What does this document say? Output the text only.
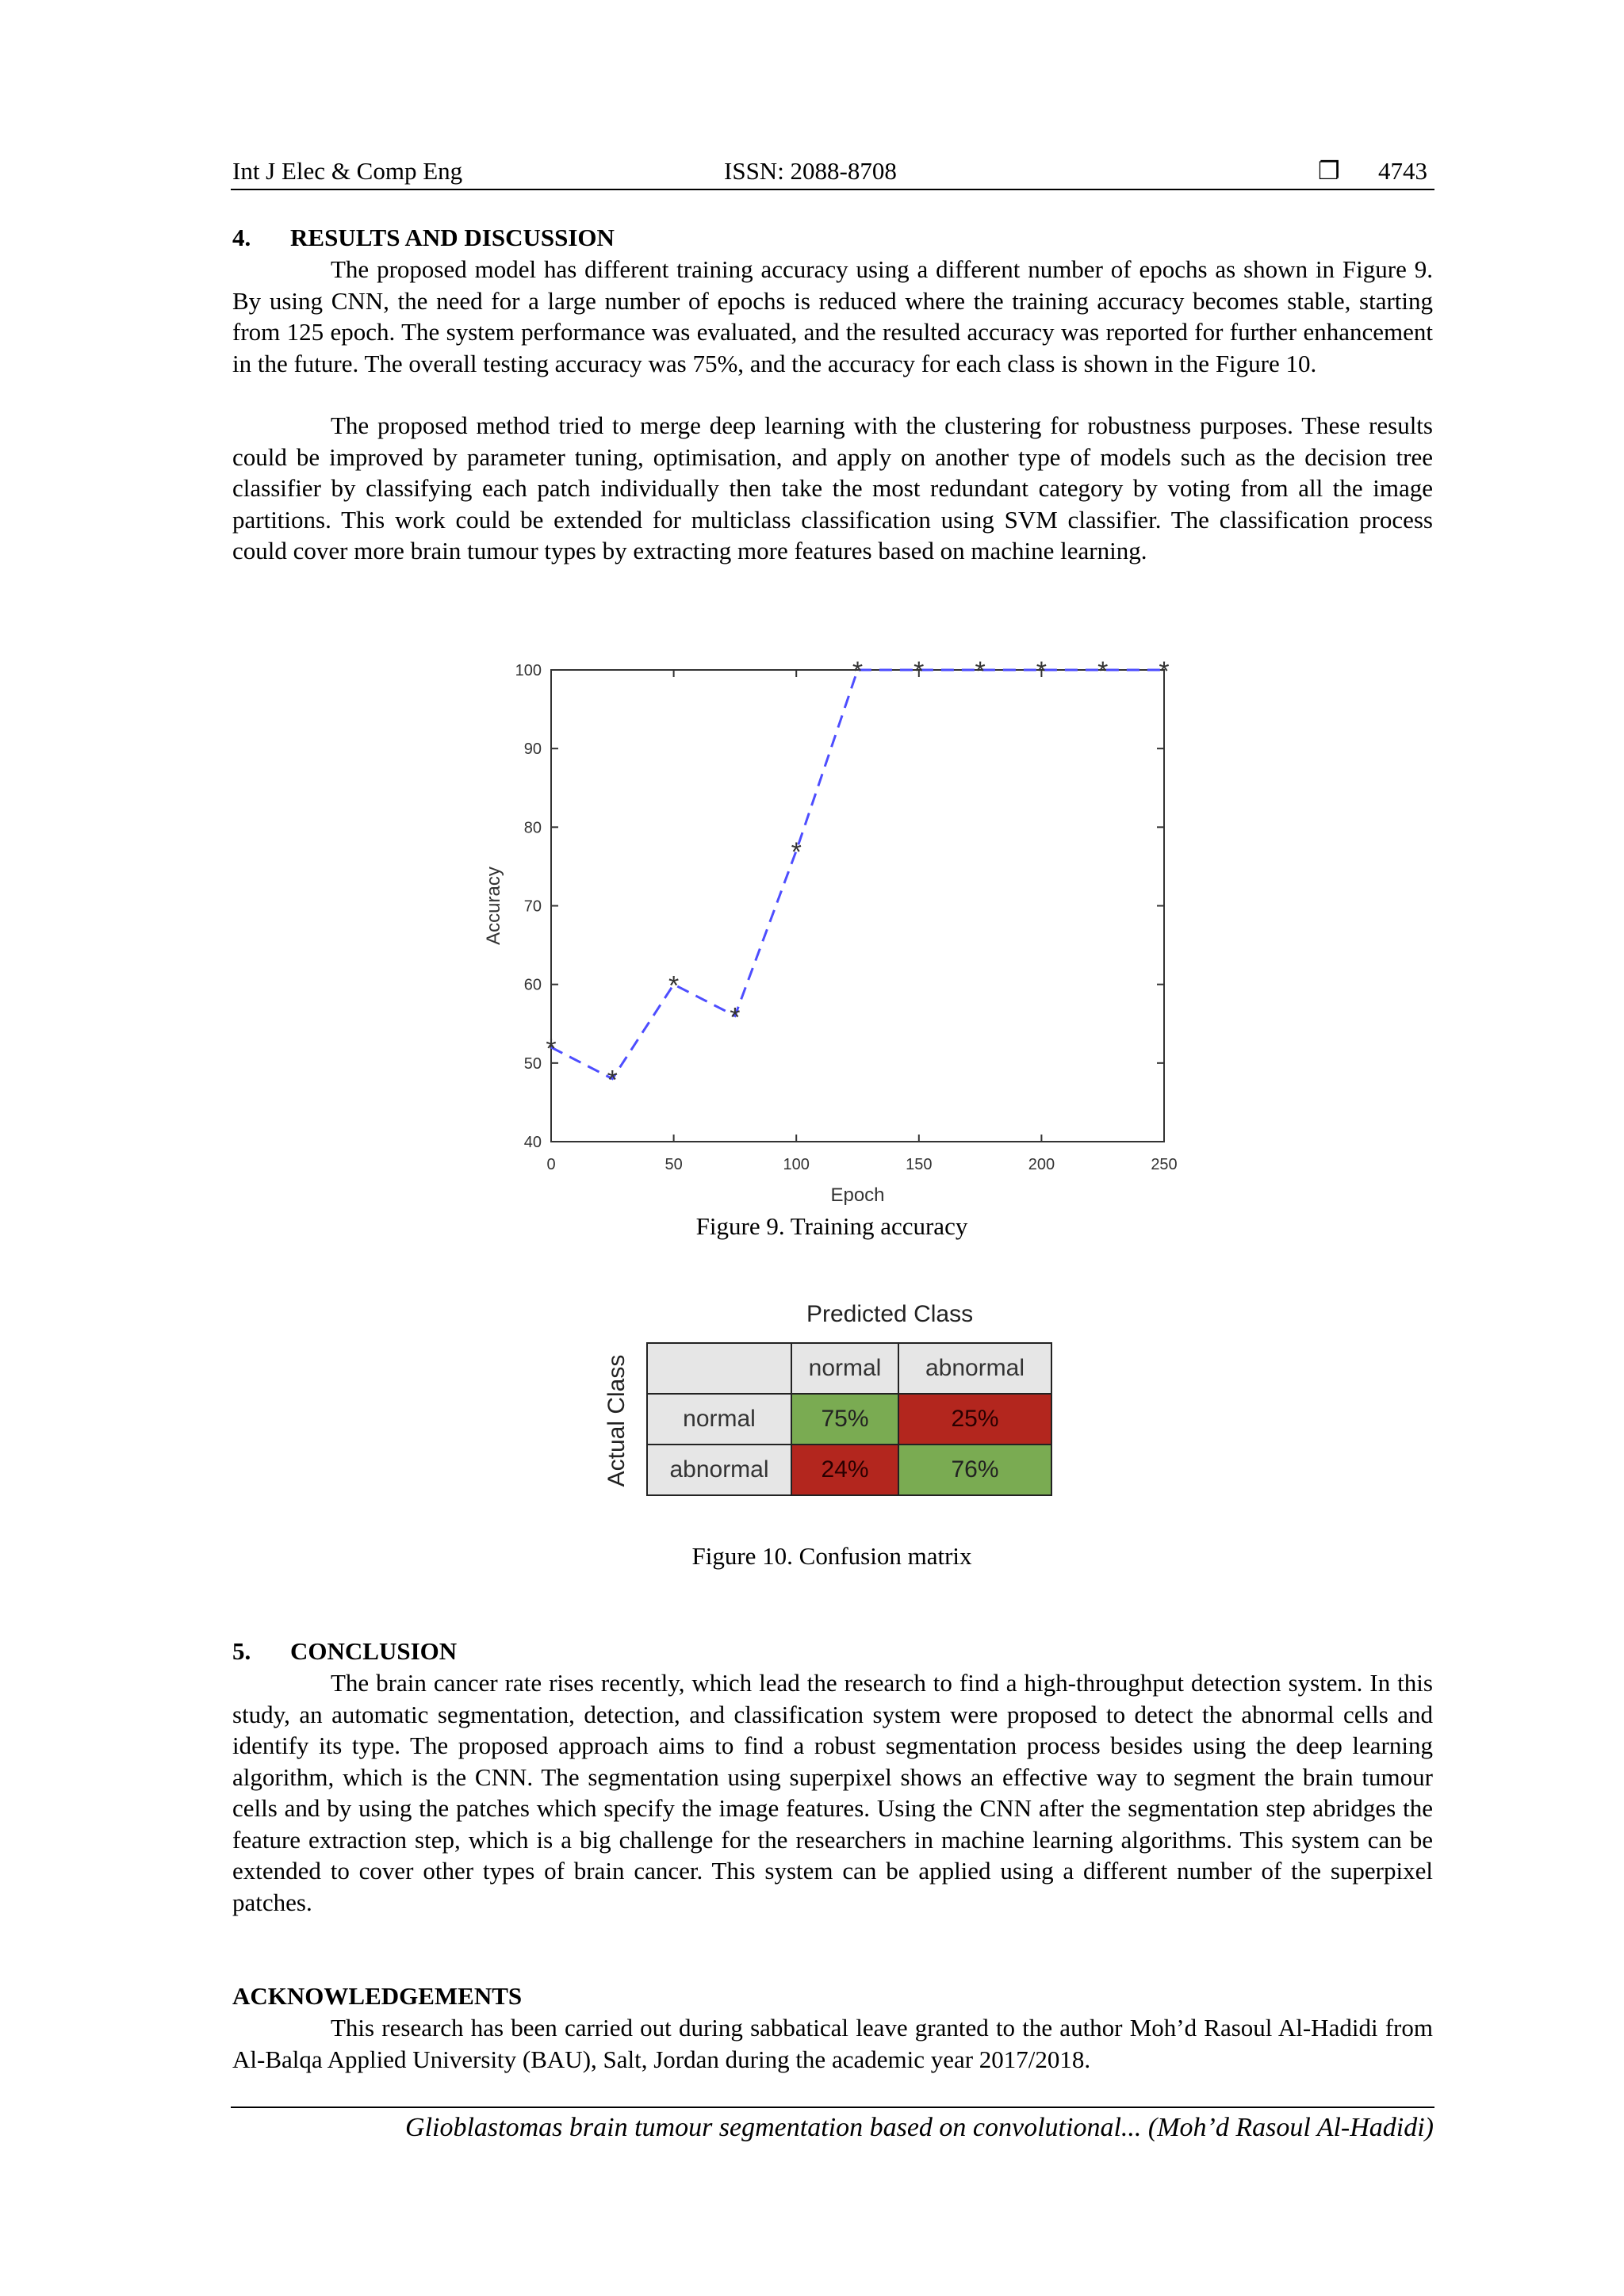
Int J Elec & Comp Eng	ISSN: 2088-8708	❐ 4743
4. RESULTS AND DISCUSSION

The proposed model has different training accuracy using a different number of epochs as shown in Figure 9. By using CNN, the need for a large number of epochs is reduced where the training accuracy becomes stable, starting from 125 epoch. The system performance was evaluated, and the resulted accuracy was reported for further enhancement in the future. The overall testing accuracy was 75%, and the accuracy for each class is shown in the Figure 10.

The proposed method tried to merge deep learning with the clustering for robustness purposes. These results could be improved by parameter tuning, optimisation, and apply on another type of models such as the decision tree classifier by classifying each patch individually then take the most redundant category by voting from all the image partitions. This work could be extended for multiclass classification using SVM classifier. The classification process could cover more brain tumour types by extracting more features based on machine learning.

0	50	100	150	200	250
40
50
60
70
80
90
100
Epoch
Accuracy
*
*
*
*
*
* * * * * *
Figure 9. Training accuracy
Predicted Class
Actual Class	normal	abnormal
normal	75%	25%
abnormal	24%	76%
Figure 10. Confusion matrix
5. CONCLUSION

The brain cancer rate rises recently, which lead the research to find a high-throughput detection system. In this study, an automatic segmentation, detection, and classification system were proposed to detect the abnormal cells and identify its type. The proposed approach aims to find a robust segmentation process besides using the deep learning algorithm, which is the CNN. The segmentation using superpixel shows an effective way to segment the brain tumour cells and by using the patches which specify the image features. Using the CNN after the segmentation step abridges the feature extraction step, which is a big challenge for the researchers in machine learning algorithms. This system can be extended to cover other types of brain cancer. This system can be applied using a different number of the superpixel patches.

ACKNOWLEDGEMENTS

This research has been carried out during sabbatical leave granted to the author Moh’d Rasoul Al-Hadidi from Al-Balqa Applied University (BAU), Salt, Jordan during the academic year 2017/2018.

Glioblastomas brain tumour segmentation based on convolutional... (Moh’d Rasoul Al-Hadidi)
